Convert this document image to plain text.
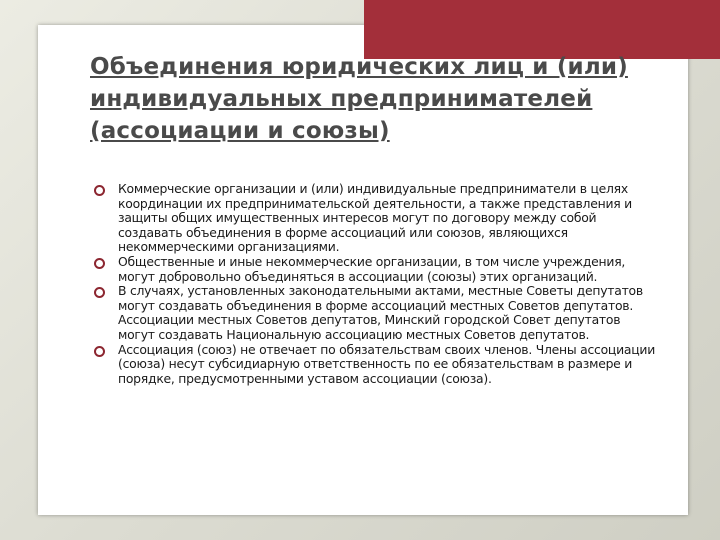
Объединения юридических лиц и (или) индивидуальных предпринимателей (ассоциации и союзы)
Коммерческие организации и (или) индивидуальные предприниматели в целях координации их предпринимательской деятельности, а также представления и защиты общих имущественных интересов могут по договору между собой создавать объединения в форме ассоциаций или союзов, являющихся некоммерческими организациями.
Общественные и иные некоммерческие организации, в том числе учреждения, могут добровольно объединяться в ассоциации (союзы) этих организаций.
В случаях, установленных законодательными актами, местные Советы депутатов могут создавать объединения в форме ассоциаций местных Советов депутатов. Ассоциации местных Советов депутатов, Минский городской Совет депутатов могут создавать Национальную ассоциацию местных Советов депутатов.
Ассоциация (союз) не отвечает по обязательствам своих членов. Члены ассоциации (союза) несут субсидиарную ответственность по ее обязательствам в размере и порядке, предусмотренными уставом ассоциации (союза).
